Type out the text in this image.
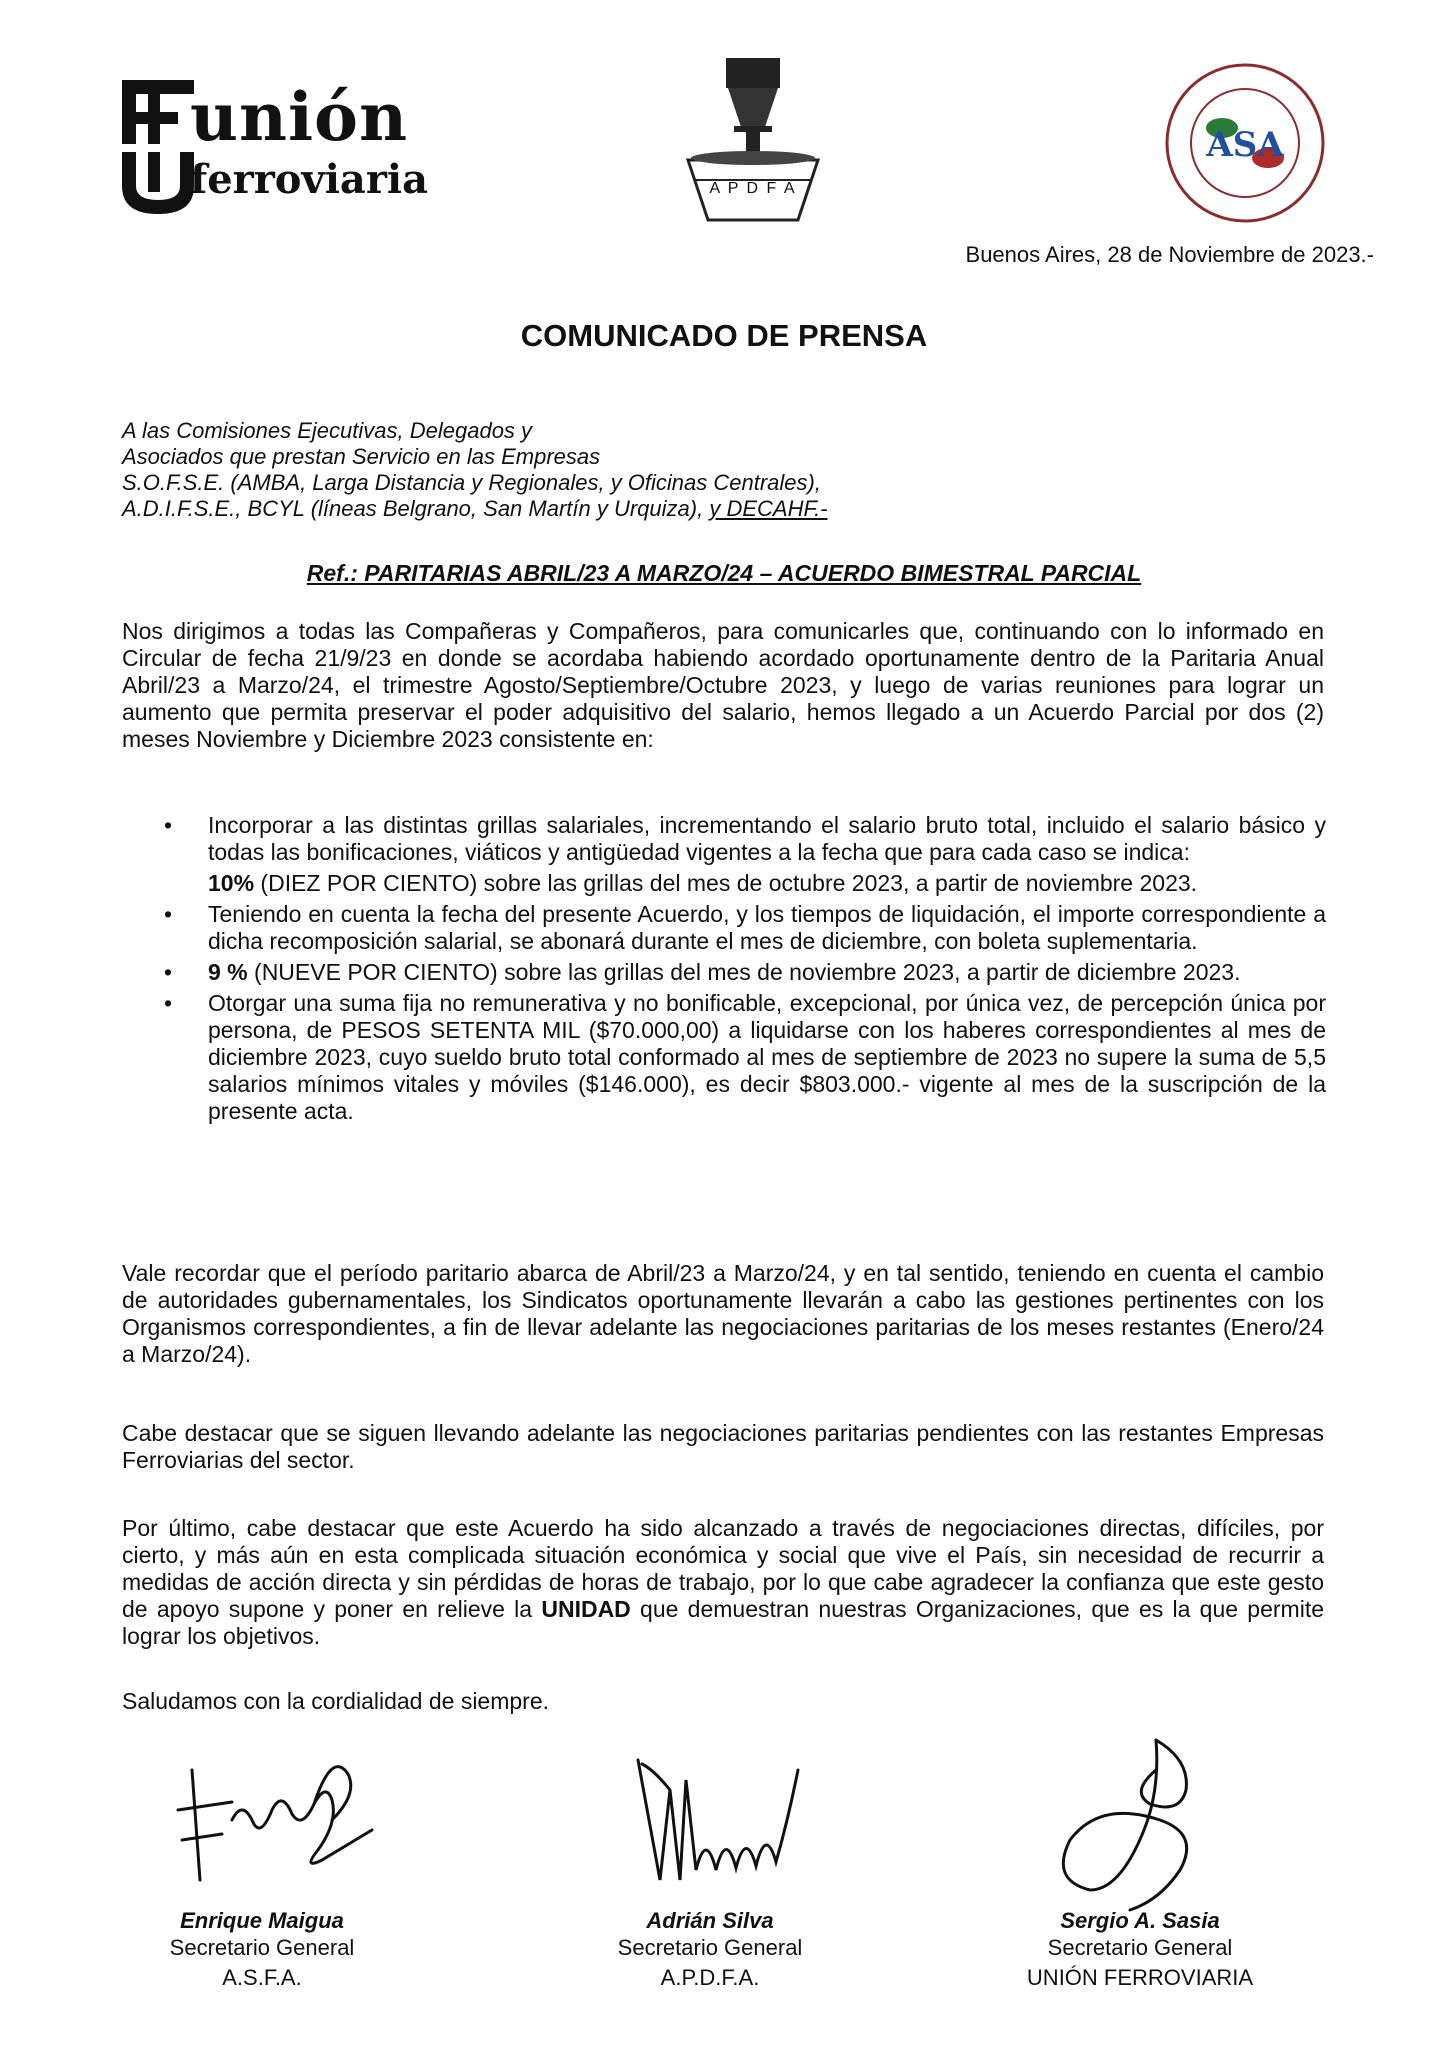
unión
ferroviaria	A P D F A
ASA
Buenos Aires, 28 de Noviembre de 2023.-
COMUNICADO DE PRENSA
A las Comisiones Ejecutivas, Delegados y
Asociados que prestan Servicio en las Empresas
S.O.F.S.E. (AMBA, Larga Distancia y Regionales, y Oficinas Centrales),
A.D.I.F.S.E., BCYL (líneas Belgrano, San Martín y Urquiza), y DECAHF.-
Ref.: PARITARIAS ABRIL/23 A MARZO/24 – ACUERDO BIMESTRAL PARCIAL
Nos dirigimos a todas las Compañeras y Compañeros, para comunicarles que, continuando con lo informado en Circular de fecha 21/9/23 en donde se acordaba habiendo acordado oportunamente dentro de la Paritaria Anual Abril/23 a Marzo/24, el trimestre Agosto/Septiembre/Octubre 2023, y luego de varias reuniones para lograr un aumento que permita preservar el poder adquisitivo del salario, hemos llegado a un Acuerdo Parcial por dos (2) meses Noviembre y Diciembre 2023 consistente en:
• Incorporar a las distintas grillas salariales, incrementando el salario bruto total, incluido el salario básico y todas las bonificaciones, viáticos y antigüedad vigentes a la fecha que para cada caso se indica:
10% (DIEZ POR CIENTO) sobre las grillas del mes de octubre 2023, a partir de noviembre 2023.
• Teniendo en cuenta la fecha del presente Acuerdo, y los tiempos de liquidación, el importe correspondiente a dicha recomposición salarial, se abonará durante el mes de diciembre, con boleta suplementaria.
• 9 % (NUEVE POR CIENTO) sobre las grillas del mes de noviembre 2023, a partir de diciembre 2023.
• Otorgar una suma fija no remunerativa y no bonificable, excepcional, por única vez, de percepción única por persona, de PESOS SETENTA MIL ($70.000,00) a liquidarse con los haberes correspondientes al mes de diciembre 2023, cuyo sueldo bruto total conformado al mes de septiembre de 2023 no supere la suma de 5,5 salarios mínimos vitales y móviles ($146.000), es decir $803.000.- vigente al mes de la suscripción de la presente acta.
Vale recordar que el período paritario abarca de Abril/23 a Marzo/24, y en tal sentido, teniendo en cuenta el cambio de autoridades gubernamentales, los Sindicatos oportunamente llevarán a cabo las gestiones pertinentes con los Organismos correspondientes, a fin de llevar adelante las negociaciones paritarias de los meses restantes (Enero/24 a Marzo/24).
Cabe destacar que se siguen llevando adelante las negociaciones paritarias pendientes con las restantes Empresas Ferroviarias del sector.
Por último, cabe destacar que este Acuerdo ha sido alcanzado a través de negociaciones directas, difíciles, por cierto, y más aún en esta complicada situación económica y social que vive el País, sin necesidad de recurrir a medidas de acción directa y sin pérdidas de horas de trabajo, por lo que cabe agradecer la confianza que este gesto de apoyo supone y poner en relieve la UNIDAD que demuestran nuestras Organizaciones, que es la que permite lograr los objetivos.
Saludamos con la cordialidad de siempre.
Enrique Maigua
Secretario General
A.S.F.A.
Adrián Silva
Secretario General
A.P.D.F.A.
Sergio A. Sasia
Secretario General
UNIÓN FERROVIARIA
